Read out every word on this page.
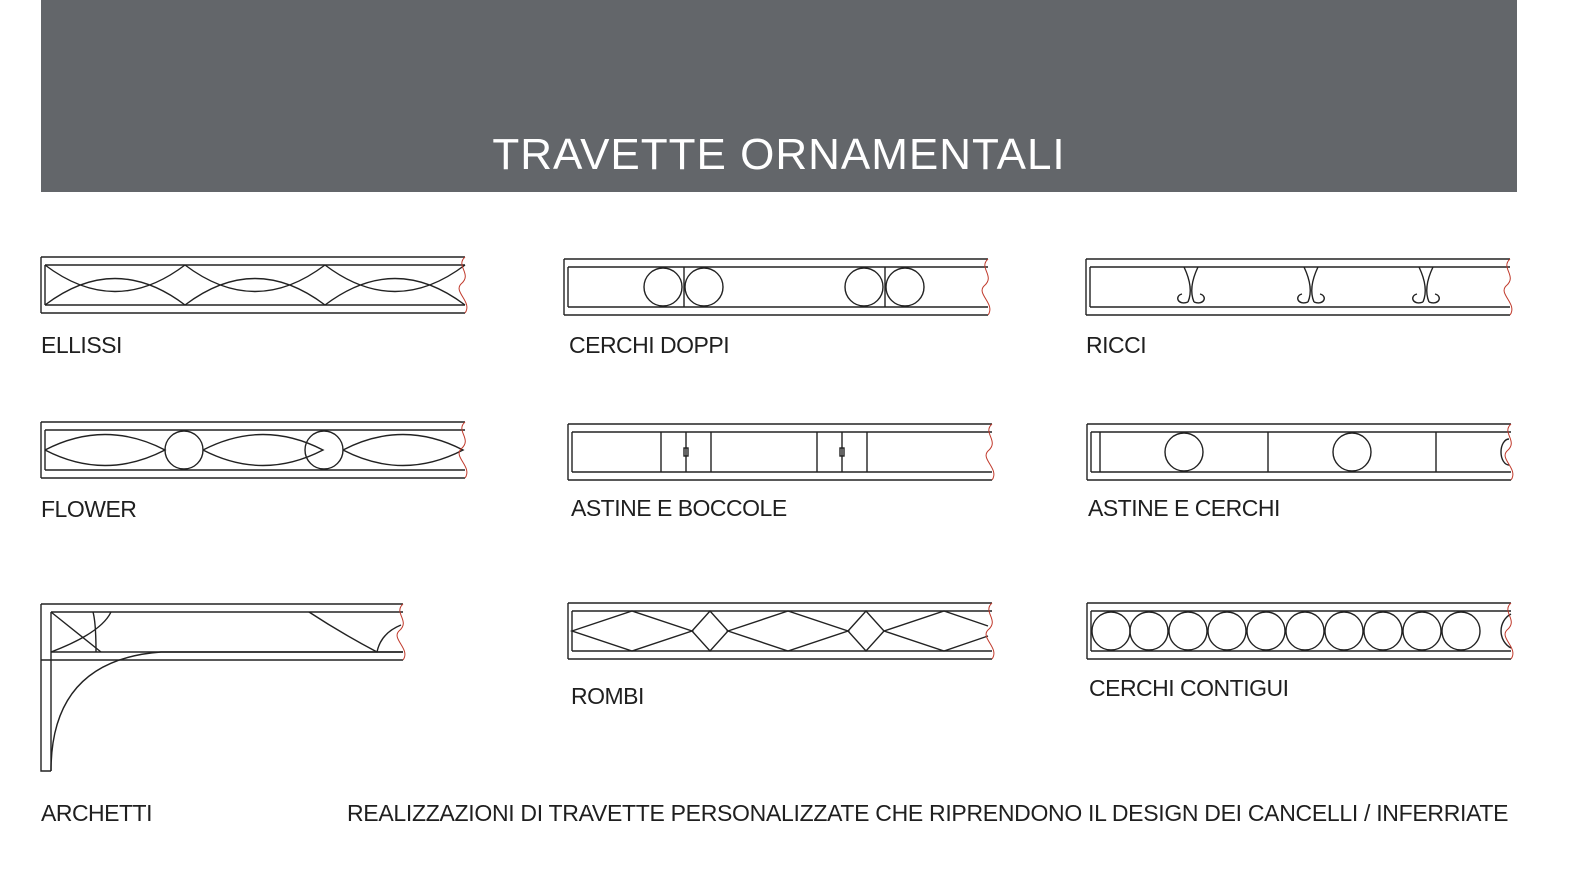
TRAVETTE ORNAMENTALI
ELLISSI	CERCHI DOPPI	RICCI
FLOWER	ASTINE E BOCCOLE	ASTINE E CERCHI
ARCHETTI
ROMBI	CERCHI CONTIGUI
REALIZZAZIONI DI TRAVETTE PERSONALIZZATE CHE RIPRENDONO IL DESIGN DEI CANCELLI / INFERRIATE
